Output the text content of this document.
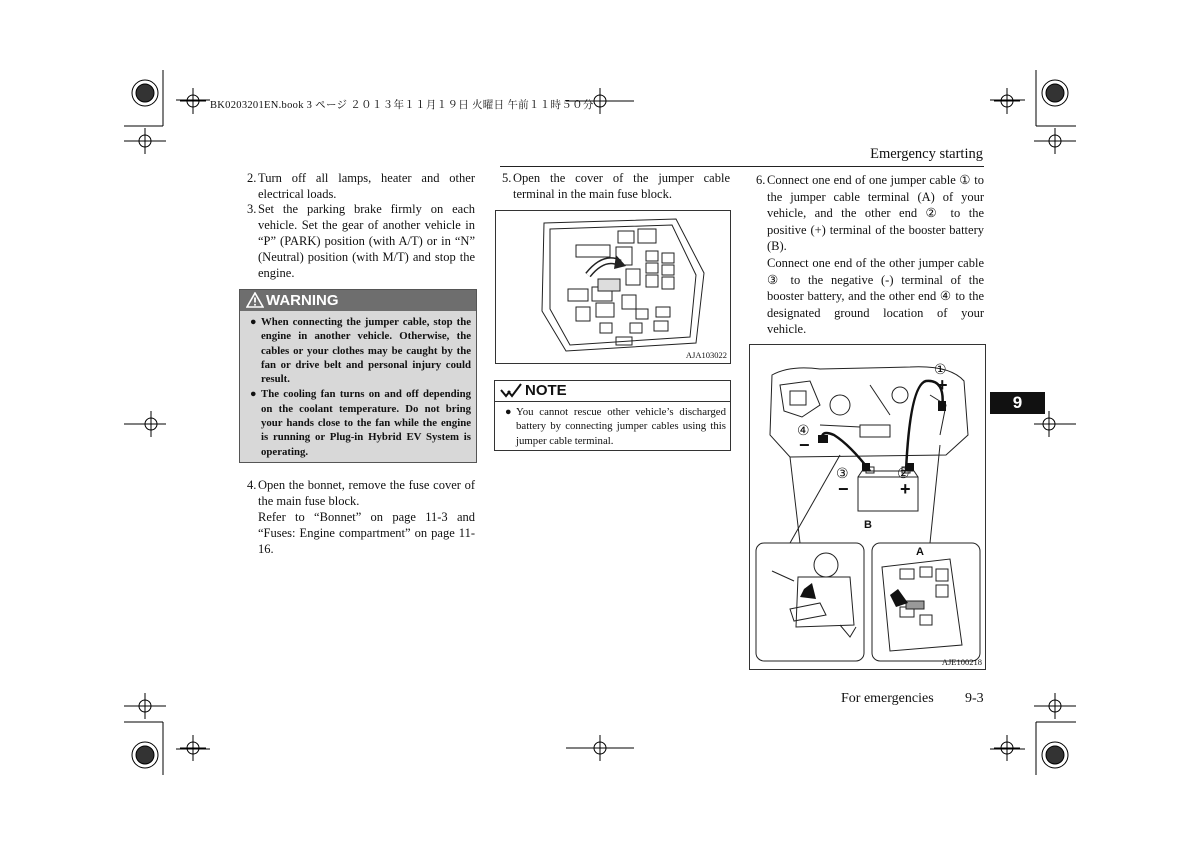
BK0203201EN.book 3 ページ ２０１３年１１月１９日 火曜日 午前１１時５０分
Emergency starting
9
2. Turn off all lamps, heater and other electrical loads.
3. Set the parking brake firmly on each vehicle. Set the gear of another vehicle in “P” (PARK) position (with A/T) or in “N” (Neutral) position (with M/T) and stop the engine.
4. Open the bonnet, remove the fuse cover of the main fuse block.
Refer to “Bonnet” on page 11-3 and “Fuses: Engine compartment” on page 11-16.
WARNING
● When connecting the jumper cable, stop the engine in another vehicle. Otherwise, the cables or your clothes may be caught by the fan or drive belt and personal injury could result.
● The cooling fan turns on and off depending on the coolant temperature. Do not bring your hands close to the fan while the engine is running or Plug-in Hybrid EV System is operating.
5. Open the cover of the jumper cable terminal in the main fuse block.
AJA103022
NOTE
● You cannot rescue other vehicle’s discharged battery by connecting jumper cables using this jumper cable terminal.
6. Connect one end of one jumper cable ① to the jumper cable terminal (A) of your vehicle, and the other end ② to the positive (+) terminal of the booster battery (B).
Connect one end of the other jumper cable ③ to the negative (-) terminal of the booster battery, and the other end ④ to the designated ground location of your vehicle.
①
+
④
−
③
−
②
+
B
A
AJE100218
For emergencies 9-3
